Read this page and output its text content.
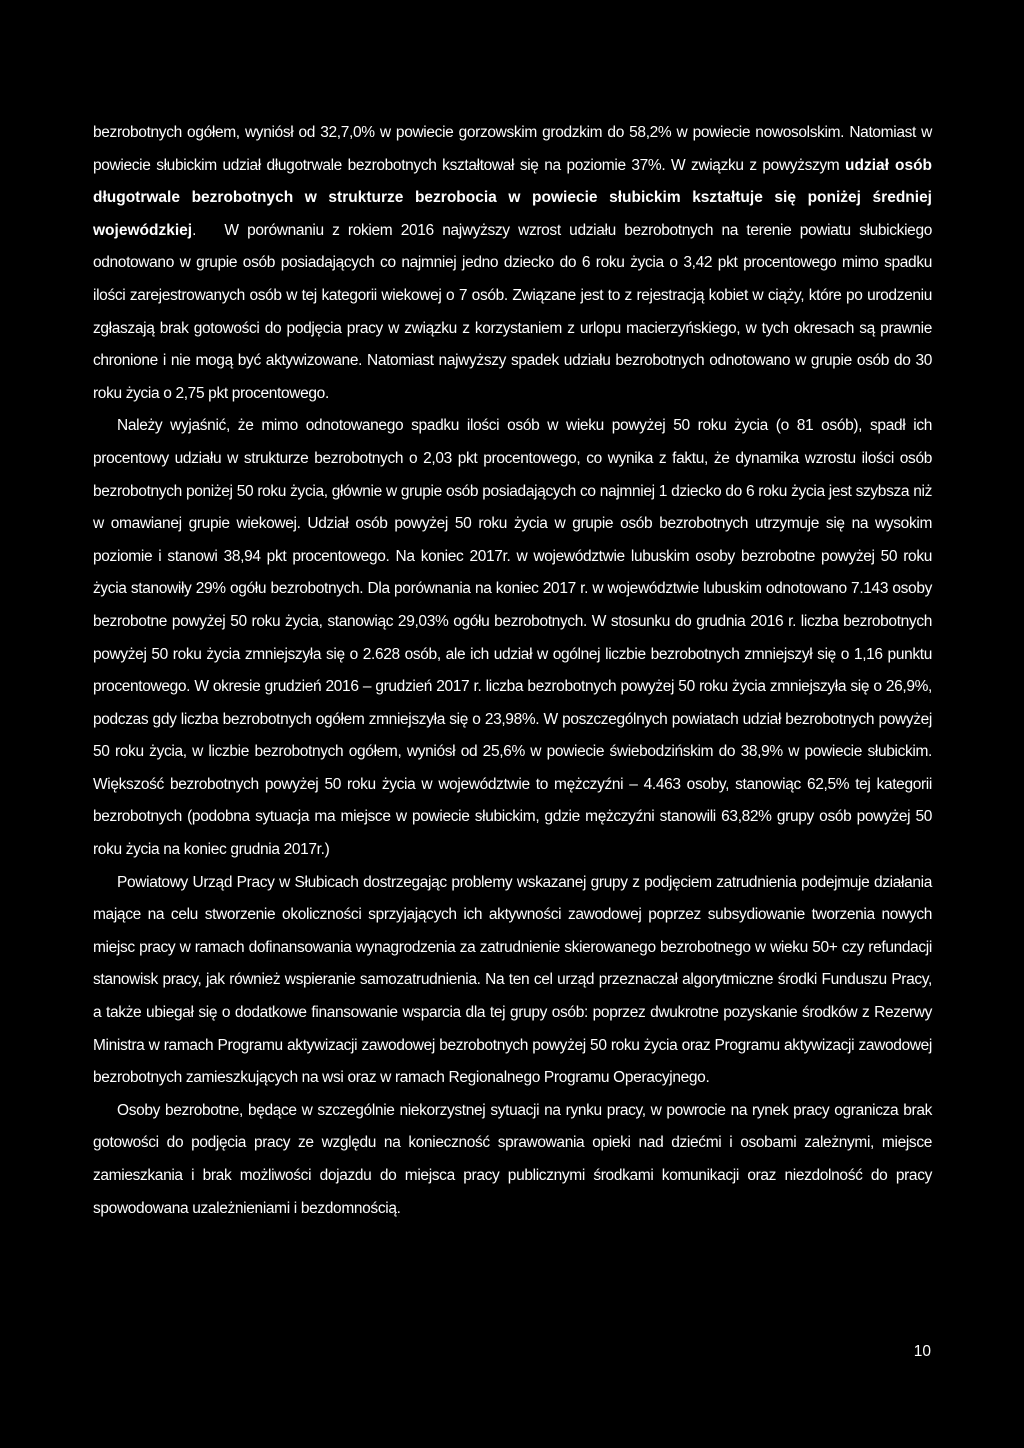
bezrobotnych ogółem, wyniósł od 32,7,0% w powiecie gorzowskim grodzkim do 58,2% w powiecie nowosolskim. Natomiast w powiecie słubickim udział długotrwale bezrobotnych kształtował się na poziomie 37%. W związku z powyższym udział osób długotrwale bezrobotnych w strukturze bezrobocia w powiecie słubickim kształtuje się poniżej średniej wojewódzkiej. W porównaniu z rokiem 2016 najwyższy wzrost udziału bezrobotnych na terenie powiatu słubickiego odnotowano w grupie osób posiadających co najmniej jedno dziecko do 6 roku życia o 3,42 pkt procentowego mimo spadku ilości zarejestrowanych osób w tej kategorii wiekowej o 7 osób. Związane jest to z rejestracją kobiet w ciąży, które po urodzeniu zgłaszają brak gotowości do podjęcia pracy w związku z korzystaniem z urlopu macierzyńskiego, w tych okresach są prawnie chronione i nie mogą być aktywizowane. Natomiast najwyższy spadek udziału bezrobotnych odnotowano w grupie osób do 30 roku życia o 2,75 pkt procentowego.

Należy wyjaśnić, że mimo odnotowanego spadku ilości osób w wieku powyżej 50 roku życia (o 81 osób), spadł ich procentowy udziału w strukturze bezrobotnych o 2,03 pkt procentowego, co wynika z faktu, że dynamika wzrostu ilości osób bezrobotnych poniżej 50 roku życia, głównie w grupie osób posiadających co najmniej 1 dziecko do 6 roku życia jest szybsza niż w omawianej grupie wiekowej. Udział osób powyżej 50 roku życia w grupie osób bezrobotnych utrzymuje się na wysokim poziomie i stanowi 38,94 pkt procentowego. Na koniec 2017r. w województwie lubuskim osoby bezrobotne powyżej 50 roku życia stanowiły 29% ogółu bezrobotnych. Dla porównania na koniec 2017 r. w województwie lubuskim odnotowano 7.143 osoby bezrobotne powyżej 50 roku życia, stanowiąc 29,03% ogółu bezrobotnych. W stosunku do grudnia 2016 r. liczba bezrobotnych powyżej 50 roku życia zmniejszyła się o 2.628 osób, ale ich udział w ogólnej liczbie bezrobotnych zmniejszył się o 1,16 punktu procentowego. W okresie grudzień 2016 – grudzień 2017 r. liczba bezrobotnych powyżej 50 roku życia zmniejszyła się o 26,9%, podczas gdy liczba bezrobotnych ogółem zmniejszyła się o 23,98%. W poszczególnych powiatach udział bezrobotnych powyżej 50 roku życia, w liczbie bezrobotnych ogółem, wyniósł od 25,6% w powiecie świebodzińskim do 38,9% w powiecie słubickim. Większość bezrobotnych powyżej 50 roku życia w województwie to mężczyźni – 4.463 osoby, stanowiąc 62,5% tej kategorii bezrobotnych (podobna sytuacja ma miejsce w powiecie słubickim, gdzie mężczyźni stanowili 63,82% grupy osób powyżej 50 roku życia na koniec grudnia 2017r.)

Powiatowy Urząd Pracy w Słubicach dostrzegając problemy wskazanej grupy z podjęciem zatrudnienia podejmuje działania mające na celu stworzenie okoliczności sprzyjających ich aktywności zawodowej poprzez subsydiowanie tworzenia nowych miejsc pracy w ramach dofinansowania wynagrodzenia za zatrudnienie skierowanego bezrobotnego w wieku 50+ czy refundacji stanowisk pracy, jak również wspieranie samozatrudnienia. Na ten cel urząd przeznaczał algorytmiczne środki Funduszu Pracy, a także ubiegał się o dodatkowe finansowanie wsparcia dla tej grupy osób: poprzez dwukrotne pozyskanie środków z Rezerwy Ministra w ramach Programu aktywizacji zawodowej bezrobotnych powyżej 50 roku życia oraz Programu aktywizacji zawodowej bezrobotnych zamieszkujących na wsi oraz w ramach Regionalnego Programu Operacyjnego.

Osoby bezrobotne, będące w szczególnie niekorzystnej sytuacji na rynku pracy, w powrocie na rynek pracy ogranicza brak gotowości do podjęcia pracy ze względu na konieczność sprawowania opieki nad dziećmi i osobami zależnymi, miejsce zamieszkania i brak możliwości dojazdu do miejsca pracy publicznymi środkami komunikacji oraz niezdolność do pracy spowodowana uzależnieniami i bezdomnością.

10
